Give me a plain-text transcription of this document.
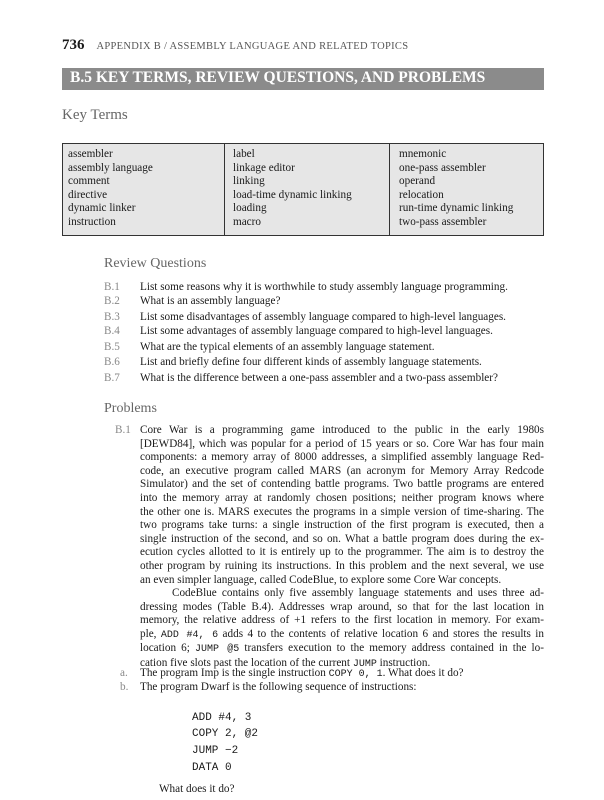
736 APPENDIX B / ASSEMBLY LANGUAGE AND RELATED TOPICS
B.5 KEY TERMS, REVIEW QUESTIONS, AND PROBLEMS
Key Terms
assembler
assembly language
comment
directive
dynamic linker
instruction
label
linkage editor
linking
load-time dynamic linking
loading
macro
mnemonic
one-pass assembler
operand
relocation
run-time dynamic linking
two-pass assembler
Review Questions
B.1 List some reasons why it is worthwhile to study assembly language programming.
B.2 What is an assembly language?
B.3 List some disadvantages of assembly language compared to high-level languages.
B.4 List some advantages of assembly language compared to high-level languages.
B.5 What are the typical elements of an assembly language statement.
B.6 List and briefly define four different kinds of assembly language statements.
B.7 What is the difference between a one-pass assembler and a two-pass assembler?
Problems
B.1 Core War is a programming game introduced to the public in the early 1980s
[DEWD84], which was popular for a period of 15 years or so. Core War has four main
components: a memory array of 8000 addresses, a simplified assembly language Red-
code, an executive program called MARS (an acronym for Memory Array Redcode
Simulator) and the set of contending battle programs. Two battle programs are entered
into the memory array at randomly chosen positions; neither program knows where
the other one is. MARS executes the programs in a simple version of time-sharing. The
two programs take turns: a single instruction of the first program is executed, then a
single instruction of the second, and so on. What a battle program does during the ex-
ecution cycles allotted to it is entirely up to the programmer. The aim is to destroy the
other program by ruining its instructions. In this problem and the next several, we use
an even simpler language, called CodeBlue, to explore some Core War concepts.
CodeBlue contains only five assembly language statements and uses three ad-
dressing modes (Table B.4). Addresses wrap around, so that for the last location in
memory, the relative address of +1 refers to the first location in memory. For exam-
ple, ADD #4, 6 adds 4 to the contents of relative location 6 and stores the results in
location 6; JUMP @5 transfers execution to the memory address contained in the lo-
cation five slots past the location of the current JUMP instruction.
a. The program Imp is the single instruction COPY 0, 1. What does it do?
b. The program Dwarf is the following sequence of instructions:
ADD #4, 3
COPY 2, @2
JUMP −2
DATA 0
What does it do?
